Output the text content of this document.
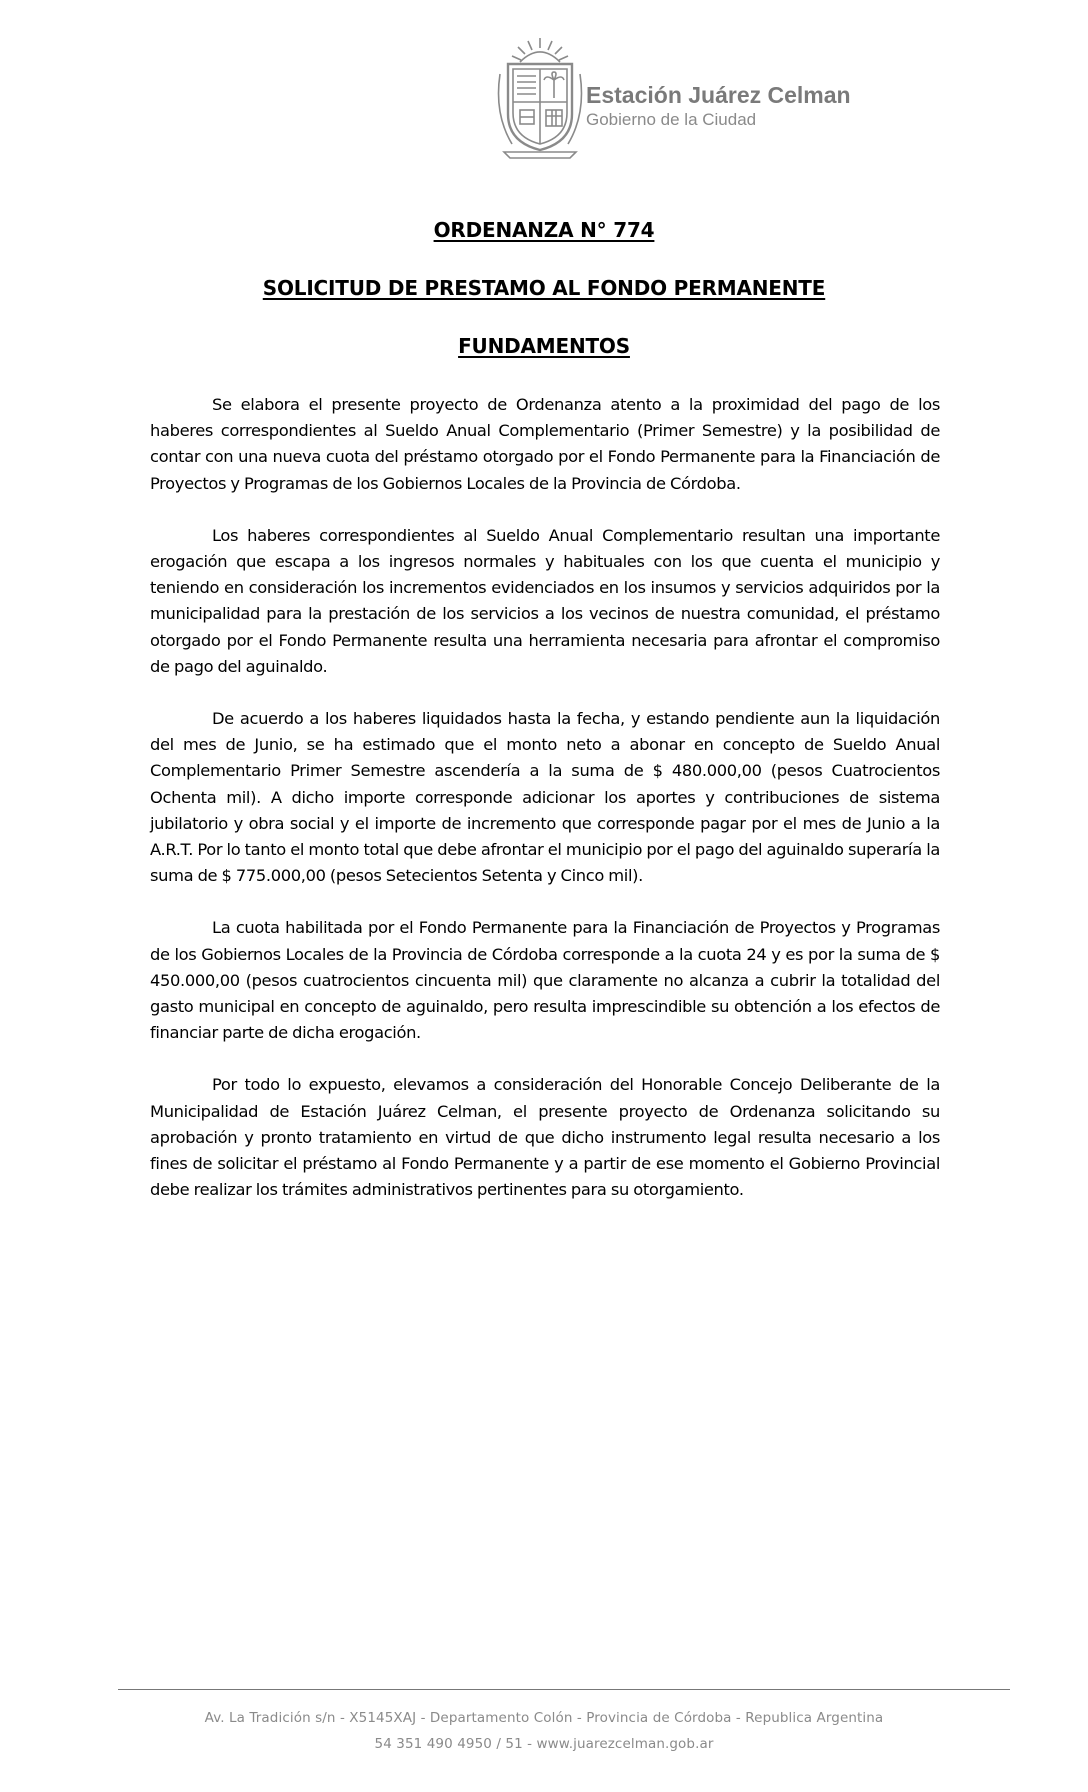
Estación Juárez Celman
Gobierno de la Ciudad
ORDENANZA N° 774
SOLICITUD DE PRESTAMO AL FONDO PERMANENTE
FUNDAMENTOS

Se elabora el presente proyecto de Ordenanza atento a la proximidad del pago de los haberes correspondientes al Sueldo Anual Complementario (Primer Semestre) y la posibilidad de contar con una nueva cuota del préstamo otorgado por el Fondo Permanente para la Financiación de Proyectos y Programas de los Gobiernos Locales de la Provincia de Córdoba.

Los haberes correspondientes al Sueldo Anual Complementario resultan una importante erogación que escapa a los ingresos normales y habituales con los que cuenta el municipio y teniendo en consideración los incrementos evidenciados en los insumos y servicios adquiridos por la municipalidad para la prestación de los servicios a los vecinos de nuestra comunidad, el préstamo otorgado por el Fondo Permanente resulta una herramienta necesaria para afrontar el compromiso de pago del aguinaldo.

De acuerdo a los haberes liquidados hasta la fecha, y estando pendiente aun la liquidación del mes de Junio, se ha estimado que el monto neto a abonar en concepto de Sueldo Anual Complementario Primer Semestre ascendería a la suma de $ 480.000,00 (pesos Cuatrocientos Ochenta mil). A dicho importe corresponde adicionar los aportes y contribuciones de sistema jubilatorio y obra social y el importe de incremento que corresponde pagar por el mes de Junio a la A.R.T. Por lo tanto el monto total que debe afrontar el municipio por el pago del aguinaldo superaría la suma de $ 775.000,00 (pesos Setecientos Setenta y Cinco mil).

La cuota habilitada por el Fondo Permanente para la Financiación de Proyectos y Programas de los Gobiernos Locales de la Provincia de Córdoba corresponde a la cuota 24 y es por la suma de $ 450.000,00 (pesos cuatrocientos cincuenta mil) que claramente no alcanza a cubrir la totalidad del gasto municipal en concepto de aguinaldo, pero resulta imprescindible su obtención a los efectos de financiar parte de dicha erogación.

Por todo lo expuesto, elevamos a consideración del Honorable Concejo Deliberante de la Municipalidad de Estación Juárez Celman, el presente proyecto de Ordenanza solicitando su aprobación y pronto tratamiento en virtud de que dicho instrumento legal resulta necesario a los fines de solicitar el préstamo al Fondo Permanente y a partir de ese momento el Gobierno Provincial debe realizar los trámites administrativos pertinentes para su otorgamiento.

Av. La Tradición s/n - X5145XAJ - Departamento Colón - Provincia de Córdoba - Republica Argentina
54 351 490 4950 / 51 - www.juarezcelman.gob.ar
